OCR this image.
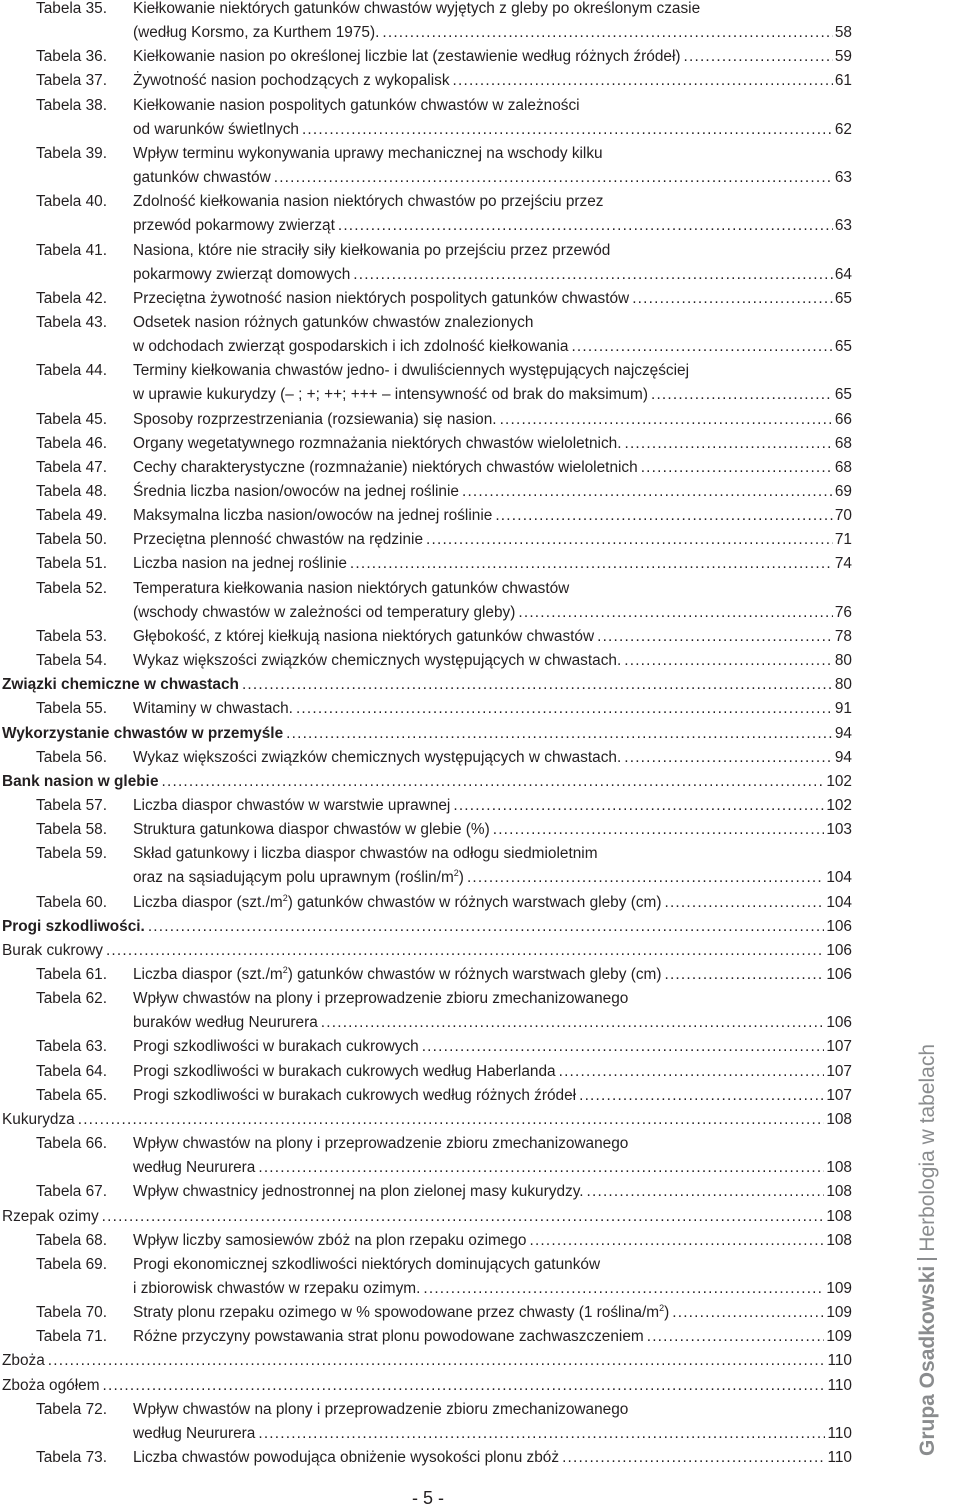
Tabela 35. Kiełkowanie niektórych gatunków chwastów wyjętych z gleby po określonym czasie
(według Korsmo, za Kurthem 1975). .....	58
Tabela 36. Kiełkowanie nasion po określonej liczbie lat (zestawienie według różnych źródeł) .....	59
Tabela 37. Żywotność nasion pochodzących z wykopalisk .....	61
Tabela 38. Kiełkowanie nasion pospolitych gatunków chwastów w zależności
od warunków świetlnych .....	62
Tabela 39. Wpływ terminu wykonywania uprawy mechanicznej na wschody kilku
gatunków chwastów .....	63
Tabela 40. Zdolność kiełkowania nasion niektórych chwastów po przejściu przez
przewód pokarmowy zwierząt .....	63
Tabela 41. Nasiona, które nie straciły siły kiełkowania po przejściu przez przewód
pokarmowy zwierząt domowych .....	64
Tabela 42. Przeciętna żywotność nasion niektórych pospolitych gatunków chwastów .....	65
Tabela 43. Odsetek nasion różnych gatunków chwastów znalezionych
w odchodach zwierząt gospodarskich i ich zdolność kiełkowania .....	65
Tabela 44. Terminy kiełkowania chwastów jedno- i dwuliściennych występujących najczęściej
w uprawie kukurydzy (– ; +; ++; +++ – intensywność od brak do maksimum) .....	65
Tabela 45. Sposoby rozprzestrzeniania (rozsiewania) się nasion. .....	66
Tabela 46. Organy wegetatywnego rozmnażania niektórych chwastów wieloletnich. .....	68
Tabela 47. Cechy charakterystyczne (rozmnażanie) niektórych chwastów wieloletnich .....	68
Tabela 48. Średnia liczba nasion/owoców na jednej roślinie .....	69
Tabela 49. Maksymalna liczba nasion/owoców na jednej roślinie .....	70
Tabela 50. Przeciętna plenność chwastów na rędzinie .....	71
Tabela 51. Liczba nasion na jednej roślinie .....	74
Tabela 52. Temperatura kiełkowania nasion niektórych gatunków chwastów
(wschody chwastów w zależności od temperatury gleby) .....	76
Tabela 53. Głębokość, z której kiełkują nasiona niektórych gatunków chwastów .....	78
Tabela 54. Wykaz większości związków chemicznych występujących w chwastach. .....	80
Związki chemiczne w chwastach .....	80
Tabela 55. Witaminy w chwastach. .....	91
Wykorzystanie chwastów w przemyśle .....	94
Tabela 56. Wykaz większości związków chemicznych występujących w chwastach. .....	94
Bank nasion w glebie .....	102
Tabela 57. Liczba diaspor chwastów w warstwie uprawnej .....	102
Tabela 58. Struktura gatunkowa diaspor chwastów w glebie (%) .....	103
Tabela 59. Skład gatunkowy i liczba diaspor chwastów na odłogu siedmioletnim
oraz na sąsiadującym polu uprawnym $(roślin/m^2)$ .....	104
Tabela 60. Liczba diaspor $(szt./m^2)$ gatunków chwastów w różnych warstwach gleby (cm) .....	104
Progi szkodliwości. .....	106
Burak cukrowy .....	106
Tabela 61. Liczba diaspor $(szt./m^2)$ gatunków chwastów w różnych warstwach gleby (cm) .....	106
Tabela 62. Wpływ chwastów na plony i przeprowadzenie zbioru zmechanizowanego
buraków według Neururera .....	106
Tabela 63. Progi szkodliwości w burakach cukrowych .....	107
Tabela 64. Progi szkodliwości w burakach cukrowych według Haberlanda .....	107
Tabela 65. Progi szkodliwości w burakach cukrowych według różnych źródeł .....	107
Kukurydza .....	108
Tabela 66. Wpływ chwastów na plony i przeprowadzenie zbioru zmechanizowanego
według Neururera .....	108
Tabela 67. Wpływ chwastnicy jednostronnej na plon zielonej masy kukurydzy. .....	108
Rzepak ozimy .....	108
Tabela 68. Wpływ liczby samosiewów zbóż na plon rzepaku ozimego .....	108
Tabela 69. Progi ekonomicznej szkodliwości niektórych dominujących gatunków
i zbiorowisk chwastów w rzepaku ozimym. .....	109
Tabela 70. Straty plonu rzepaku ozimego w % spowodowane przez chwasty (1 roślina/$m^2$) .....	109
Tabela 71. Różne przyczyny powstawania strat plonu powodowane zachwaszczeniem .....	109
Zboża .....	110
Zboża ogółem .....	110
Tabela 72. Wpływ chwastów na plony i przeprowadzenie zbioru zmechanizowanego
według Neururera .....	110
Tabela 73. Liczba chwastów powodująca obniżenie wysokości plonu zbóż .....	110
Grupa OsadkowskiHerbologia w tabelach
- 5 -
